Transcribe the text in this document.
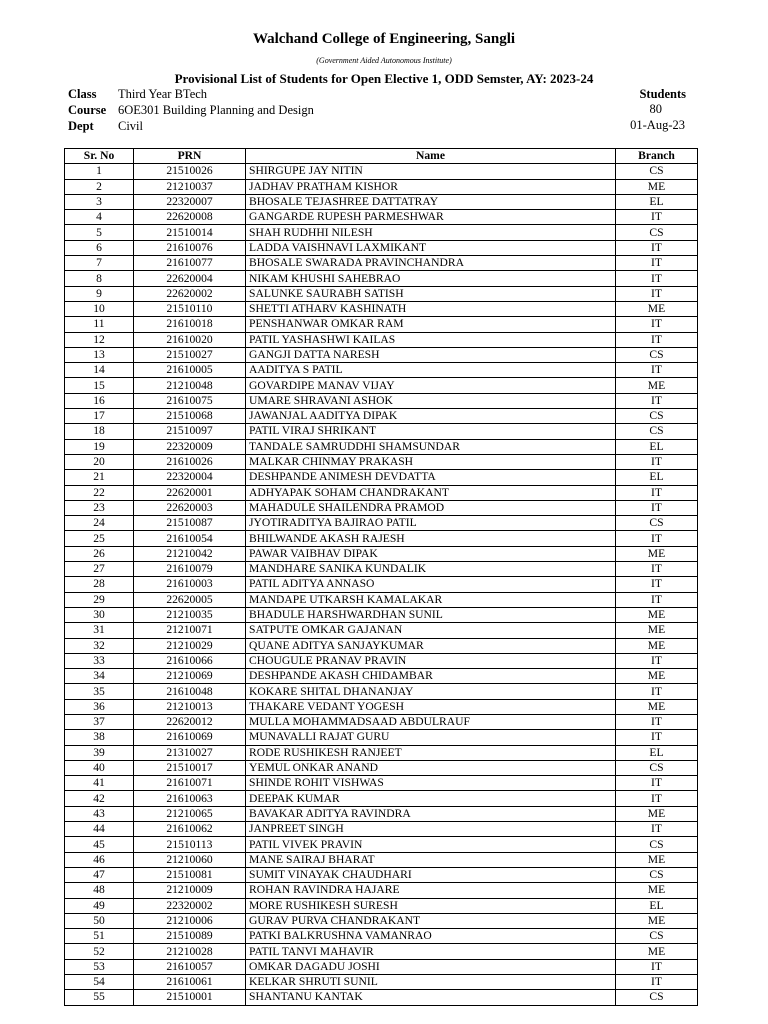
Walchand College of Engineering, Sangli
(Government Aided Autonomous Institute)
Provisional List of Students for Open Elective 1, ODD Semster, AY: 2023-24
Class Third Year BTech
Course 6OE301 Building Planning and Design
Dept Civil
Students
80
01-Aug-23
Sr. No	PRN	Name	Branch
1	21510026	SHIRGUPE JAY NITIN	CS
2	21210037	JADHAV PRATHAM KISHOR	ME
3	22320007	BHOSALE TEJASHREE DATTATRAY	EL
4	22620008	GANGARDE RUPESH PARMESHWAR	IT
5	21510014	SHAH RUDHHI NILESH	CS
6	21610076	LADDA VAISHNAVI LAXMIKANT	IT
7	21610077	BHOSALE SWARADA PRAVINCHANDRA	IT
8	22620004	NIKAM KHUSHI SAHEBRAO	IT
9	22620002	SALUNKE SAURABH SATISH	IT
10	21510110	SHETTI ATHARV KASHINATH	ME
11	21610018	PENSHANWAR OMKAR RAM	IT
12	21610020	PATIL YASHASHWI KAILAS	IT
13	21510027	GANGJI DATTA NARESH	CS
14	21610005	AADITYA S PATIL	IT
15	21210048	GOVARDIPE MANAV VIJAY	ME
16	21610075	UMARE SHRAVANI ASHOK	IT
17	21510068	JAWANJAL AADITYA DIPAK	CS
18	21510097	PATIL VIRAJ SHRIKANT	CS
19	22320009	TANDALE SAMRUDDHI SHAMSUNDAR	EL
20	21610026	MALKAR CHINMAY PRAKASH	IT
21	22320004	DESHPANDE ANIMESH DEVDATTA	EL
22	22620001	ADHYAPAK SOHAM CHANDRAKANT	IT
23	22620003	MAHADULE SHAILENDRA PRAMOD	IT
24	21510087	JYOTIRADITYA BAJIRAO PATIL	CS
25	21610054	BHILWANDE AKASH RAJESH	IT
26	21210042	PAWAR VAIBHAV DIPAK	ME
27	21610079	MANDHARE SANIKA KUNDALIK	IT
28	21610003	PATIL ADITYA ANNASO	IT
29	22620005	MANDAPE UTKARSH KAMALAKAR	IT
30	21210035	BHADULE HARSHWARDHAN SUNIL	ME
31	21210071	SATPUTE OMKAR GAJANAN	ME
32	21210029	QUANE ADITYA SANJAYKUMAR	ME
33	21610066	CHOUGULE PRANAV PRAVIN	IT
34	21210069	DESHPANDE AKASH CHIDAMBAR	ME
35	21610048	KOKARE SHITAL DHANANJAY	IT
36	21210013	THAKARE VEDANT YOGESH	ME
37	22620012	MULLA MOHAMMADSAAD ABDULRAUF	IT
38	21610069	MUNAVALLI RAJAT GURU	IT
39	21310027	RODE RUSHIKESH RANJEET	EL
40	21510017	YEMUL ONKAR ANAND	CS
41	21610071	SHINDE ROHIT VISHWAS	IT
42	21610063	DEEPAK KUMAR	IT
43	21210065	BAVAKAR ADITYA RAVINDRA	ME
44	21610062	JANPREET SINGH	IT
45	21510113	PATIL VIVEK PRAVIN	CS
46	21210060	MANE SAIRAJ BHARAT	ME
47	21510081	SUMIT VINAYAK CHAUDHARI	CS
48	21210009	ROHAN RAVINDRA HAJARE	ME
49	22320002	MORE RUSHIKESH SURESH	EL
50	21210006	GURAV PURVA CHANDRAKANT	ME
51	21510089	PATKI BALKRUSHNA VAMANRAO	CS
52	21210028	PATIL TANVI MAHAVIR	ME
53	21610057	OMKAR DAGADU JOSHI	IT
54	21610061	KELKAR SHRUTI SUNIL	IT
55	21510001	SHANTANU KANTAK	CS
